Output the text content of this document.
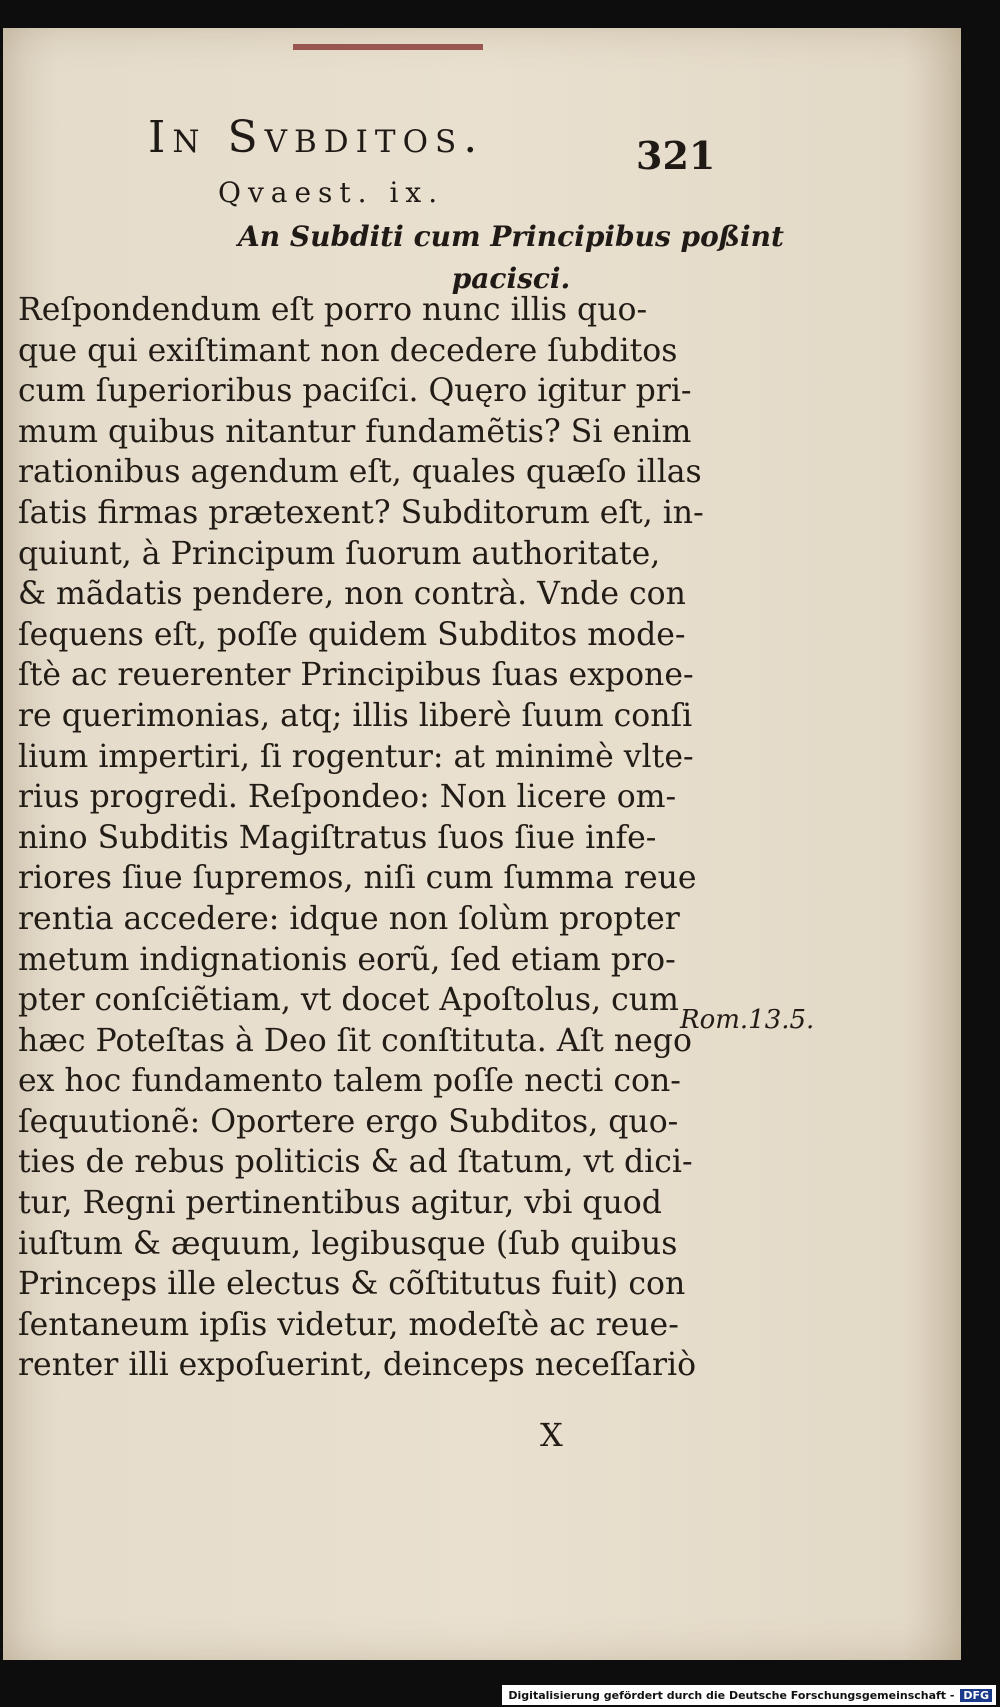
In Svbditos.	321
Qvaest. ix.
An Subditi cum Principibus poßint
pacisci.
Reſpondendum eſt porro nunc illis quo-
que qui exiſtimant non decedere ſubditos
cum ſuperioribus paciſci. Quęro igitur pri-
mum quibus nitantur fundamẽtis? Si enim
rationibus agendum eſt, quales quæſo illas
ſatis firmas prætexent? Subditorum eſt, in-
quiunt, à Principum ſuorum authoritate,
& mãdatis pendere, non contrà. Vnde con
ſequens eſt, poſſe quidem Subditos mode-
ſtè ac reuerenter Principibus ſuas expone-
re querimonias, atq; illis liberè ſuum conſi
lium impertiri, ſi rogentur: at minimè vlte-
rius progredi. Reſpondeo: Non licere om-
nino Subditis Magiſtratus ſuos ſiue infe-
riores ſiue ſupremos, niſi cum ſumma reue
rentia accedere: idque non ſolùm propter
metum indignationis eorũ, ſed etiam pro-
pter conſciẽtiam, vt docet Apoſtolus, cum
hæc Poteſtas à Deo ſit conſtituta. Aſt nego
ex hoc fundamento talem poſſe necti con-
ſequutionẽ: Oportere ergo Subditos, quo-
ties de rebus politicis & ad ſtatum, vt dici-
tur, Regni pertinentibus agitur, vbi quod
iuſtum & æquum, legibusque (ſub quibus
Princeps ille electus & cõſtitutus fuit) con
ſentaneum ipſis videtur, modeſtè ac reue-
renter illi expoſuerint, deinceps neceſſariò
Rom.13.5.
X
Digitalisierung gefördert durch die Deutsche Forschungsgemeinschaft - DFG
